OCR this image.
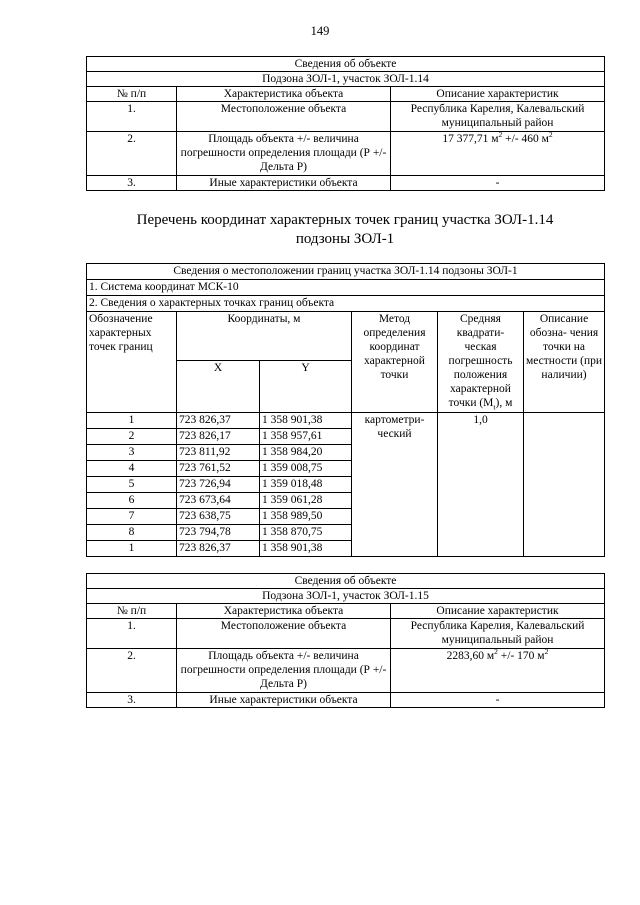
149
Сведения об объекте		
Подзона ЗОЛ-1, участок ЗОЛ-1.14		
№ п/п	Характеристика объекта	Описание характеристик
1.	Местоположение объекта	Республика Карелия, Калевальский муниципальный район
2.	Площадь объекта +/- величина погрешности определения площади (Р +/- Дельта Р)	17 377,71 $м^2$ +/- 460 $м^2$
3.	Иные характеристики объекта	-
Перечень координат характерных точек границ участка ЗОЛ-1.14
подзоны ЗОЛ-1
Сведения о местоположении границ участка ЗОЛ-1.14 подзоны ЗОЛ-1					
1. Система координат МСК-10					
2. Сведения о характерных точках границ объекта					
Обозначение характерных точек границ	Координаты, м		Метод определения координат характерной точки	Средняя квадрати- ческая погрешность положения характерной точки $(M_t)$, м	Описание обозна- чения точки на местности (при наличии)
	X	Y			
1	723 826,37	1 358 901,38	картометри- ческий	1,0	
2	723 826,17	1 358 957,61			
3	723 811,92	1 358 984,20			
4	723 761,52	1 359 008,75			
5	723 726,94	1 359 018,48			
6	723 673,64	1 359 061,28			
7	723 638,75	1 358 989,50			
8	723 794,78	1 358 870,75			
1	723 826,37	1 358 901,38			
Сведения об объекте		
Подзона ЗОЛ-1, участок ЗОЛ-1.15		
№ п/п	Характеристика объекта	Описание характеристик
1.	Местоположение объекта	Республика Карелия, Калевальский муниципальный район
2.	Площадь объекта +/- величина погрешности определения площади (Р +/- Дельта Р)	2283,60 $м^2$ +/- 170 $м^2$
3.	Иные характеристики объекта	-
